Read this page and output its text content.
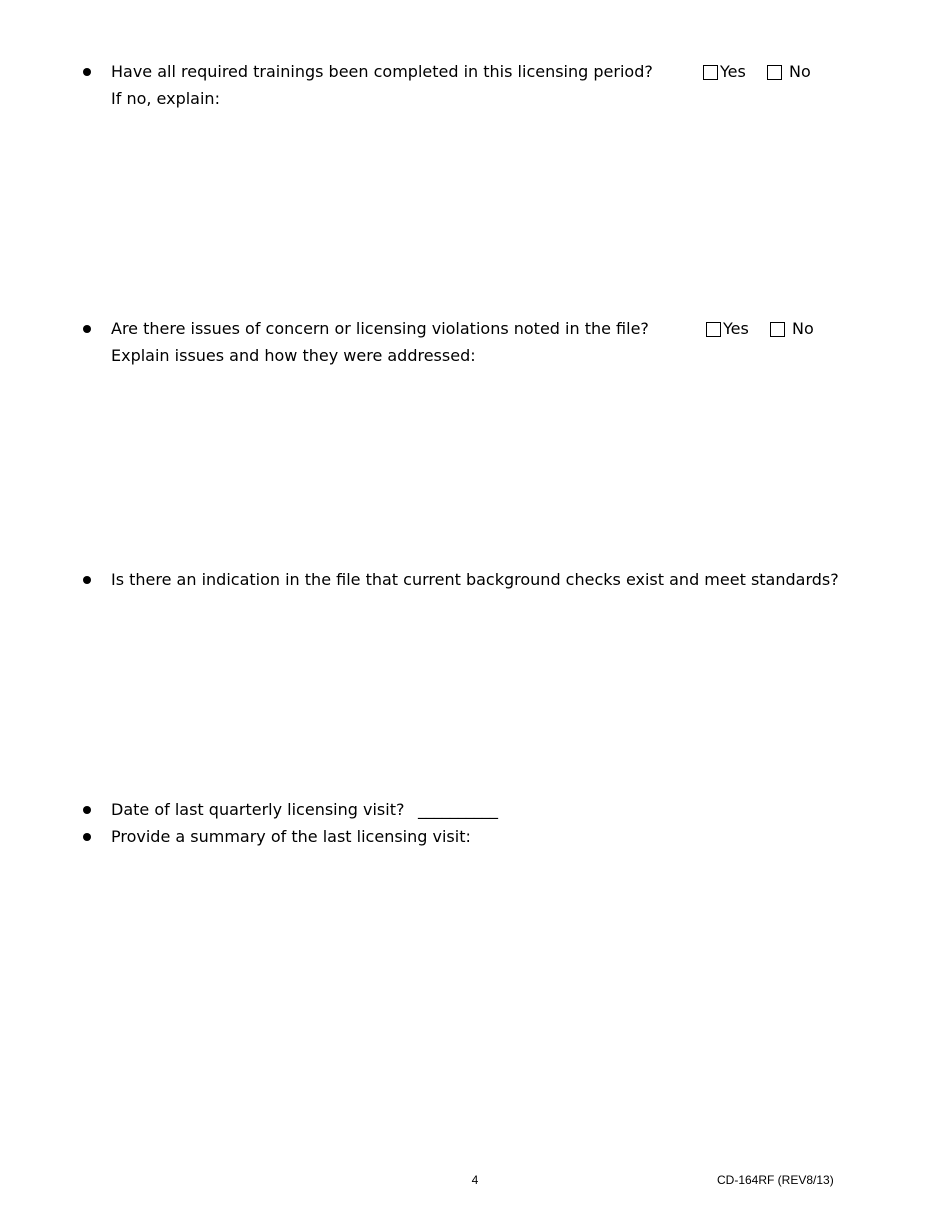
Have all required trainings been completed in this licensing period?
If no, explain:
Yes	No
Are there issues of concern or licensing violations noted in the file?
Explain issues and how they were addressed:
Yes	No
Is there an indication in the file that current background checks exist and meet standards?
Date of last quarterly licensing visit? __________
Provide a summary of the last licensing visit:
4	CD-164RF (REV8/13)
